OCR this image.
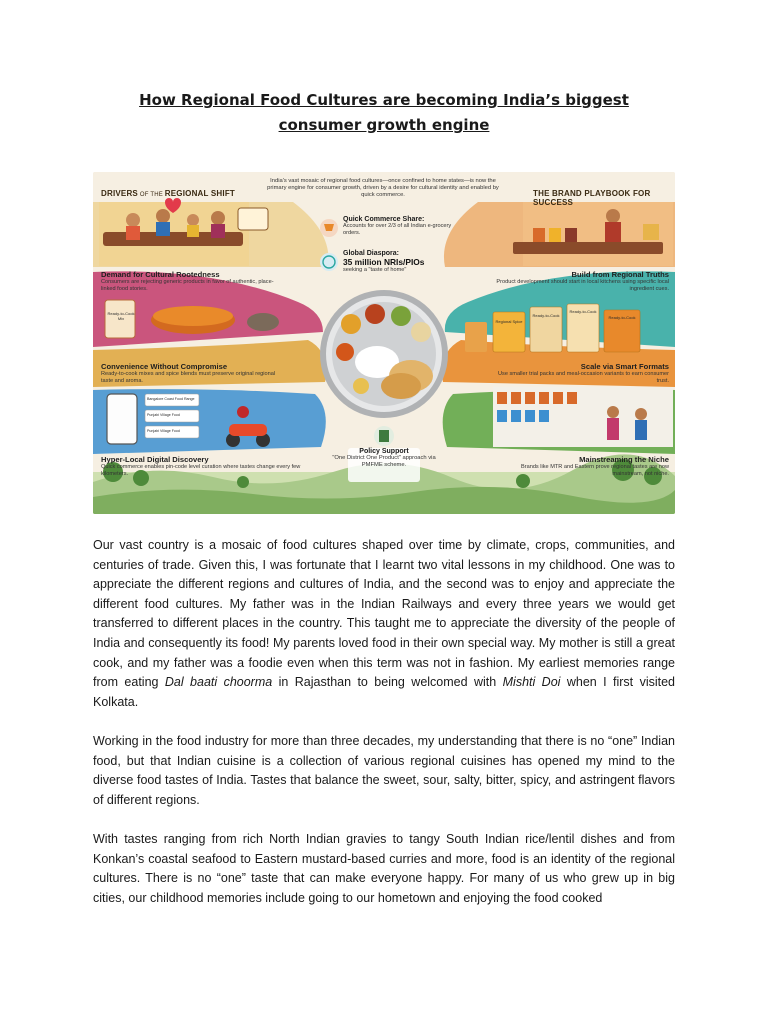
How Regional Food Cultures are becoming India’s biggest consumer growth engine
DRIVERS OF THE REGIONAL SHIFT	THE BRAND PLAYBOOK FOR SUCCESS
India's vast mosaic of regional food cultures—once confined to home states—is now the primary engine for consumer growth, driven by a desire for cultural identity and enabled by quick commerce.
Quick Commerce Share:
Accounts for over 2/3 of all Indian e-grocery orders.
Global Diaspora:
35 million NRIs/PIOs
seeking a "taste of home"
Policy Support
"One District One Product" approach via PMFME scheme.
Demand for Cultural Rootedness
Consumers are rejecting generic products in favor of authentic, place-linked food stories.
Convenience Without Compromise
Ready-to-cook mixes and spice blends must preserve original regional taste and aroma.
Hyper-Local Digital Discovery
Quick commerce enables pin-code level curation where tastes change every few kilometers.
Build from Regional Truths
Product development should start in local kitchens using specific local ingredient cues.
Scale via Smart Formats
Use smaller trial packs and meal-occasion variants to earn consumer trust.
Mainstreaming the Niche
Brands like MTR and Eastern prove regional tastes are now mainstream, not niche.
Ready-to-Cook Mix
Regional Spice
Ready-to-Cook
Ready-to-Cook
Ready-to-Cook
Bangalore Coast Food Range
Punjabi Village Food
Punjabi Village Food

Our vast country is a mosaic of food cultures shaped over time by climate, crops, communities, and centuries of trade. Given this, I was fortunate that I learnt two vital lessons in my childhood. One was to appreciate the different regions and cultures of India, and the second was to enjoy and appreciate the different food cultures. My father was in the Indian Railways and every three years we would get transferred to different places in the country. This taught me to appreciate the diversity of the people of India and consequently its food! My parents loved food in their own special way. My mother is still a great cook, and my father was a foodie even when this term was not in fashion. My earliest memories range from eating Dal baati choorma in Rajasthan to being welcomed with Mishti Doi when I first visited Kolkata.

Working in the food industry for more than three decades, my understanding that there is no “one” Indian food, but that Indian cuisine is a collection of various regional cuisines has opened my mind to the diverse food tastes of India. Tastes that balance the sweet, sour, salty, bitter, spicy, and astringent flavors of different regions.

With tastes ranging from rich North Indian gravies to tangy South Indian rice/lentil dishes and from Konkan’s coastal seafood to Eastern mustard-based curries and more, food is an identity of the regional cultures. There is no “one” taste that can make everyone happy. For many of us who grew up in big cities, our childhood memories include going to our hometown and enjoying the food cooked
